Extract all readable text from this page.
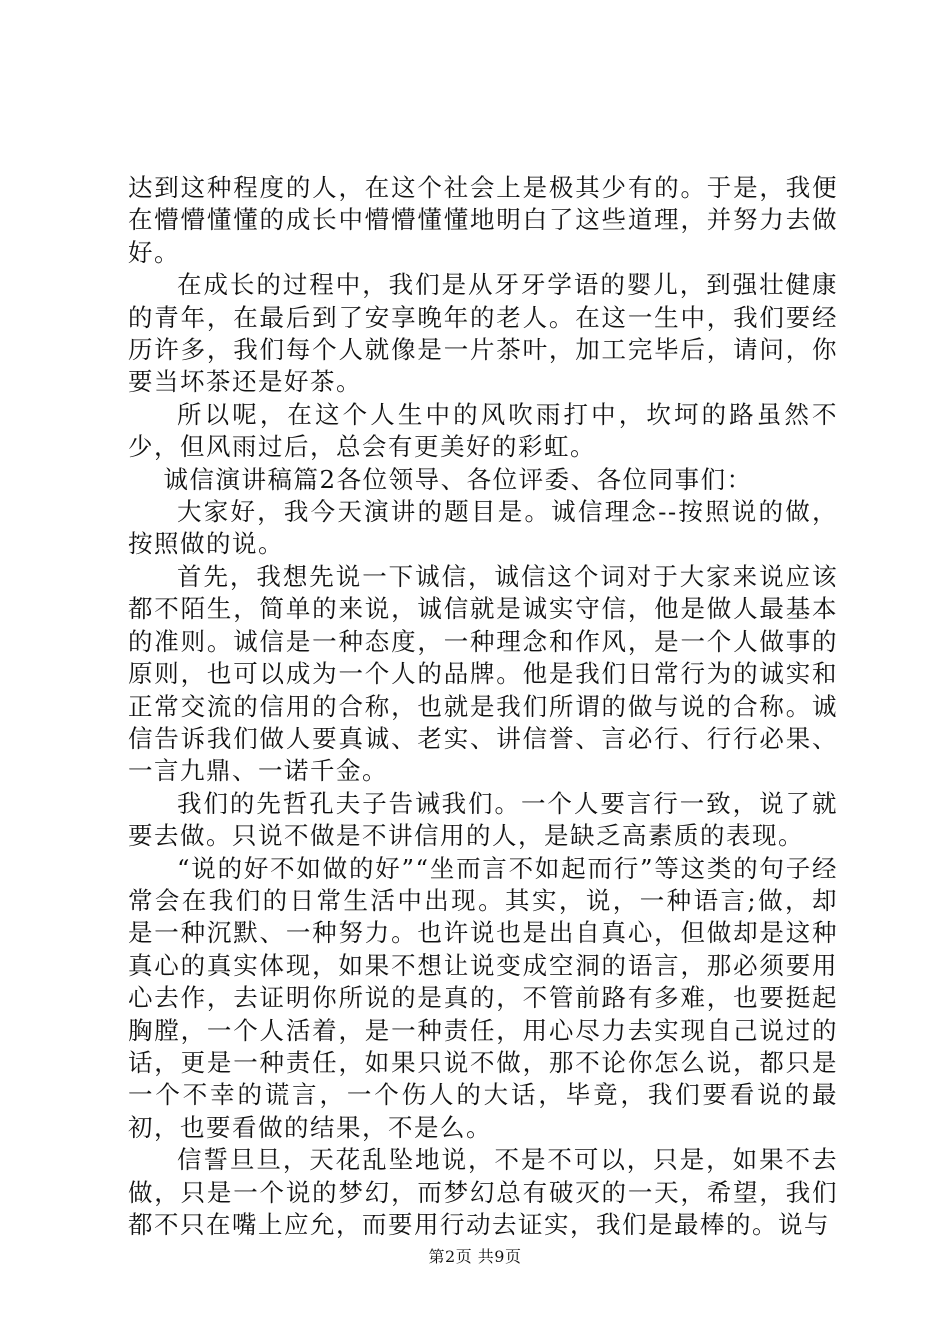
达到这种程度的人，在这个社会上是极其少有的。于是，我便在懵懵懂懂的成长中懵懵懂懂地明白了这些道理，并努力去做好。

在成长的过程中，我们是从牙牙学语的婴儿，到强壮健康的青年，在最后到了安享晚年的老人。在这一生中，我们要经历许多，我们每个人就像是一片茶叶，加工完毕后，请问，你要当坏茶还是好茶。

所以呢，在这个人生中的风吹雨打中，坎坷的路虽然不少，但风雨过后，总会有更美好的彩虹。

诚信演讲稿篇2各位领导、各位评委、各位同事们：

大家好，我今天演讲的题目是。诚信理念--按照说的做，按照做的说。

首先，我想先说一下诚信，诚信这个词对于大家来说应该都不陌生，简单的来说，诚信就是诚实守信，他是做人最基本的准则。诚信是一种态度，一种理念和作风，是一个人做事的原则，也可以成为一个人的品牌。他是我们日常行为的诚实和正常交流的信用的合称，也就是我们所谓的做与说的合称。诚信告诉我们做人要真诚、老实、讲信誉、言必行、行行必果、一言九鼎、一诺千金。

我们的先哲孔夫子告诫我们。一个人要言行一致，说了就要去做。只说不做是不讲信用的人，是缺乏高素质的表现。

“说的好不如做的好”“坐而言不如起而行”等这类的句子经常会在我们的日常生活中出现。其实，说，一种语言;做，却是一种沉默、一种努力。也许说也是出自真心，但做却是这种真心的真实体现，如果不想让说变成空洞的语言，那必须要用心去作，去证明你所说的是真的，不管前路有多难，也要挺起胸膛，一个人活着，是一种责任，用心尽力去实现自己说过的话，更是一种责任，如果只说不做，那不论你怎么说，都只是一个不幸的谎言，一个伤人的大话，毕竟，我们要看说的最初，也要看做的结果，不是么。

信誓旦旦，天花乱坠地说，不是不可以，只是，如果不去做，只是一个说的梦幻，而梦幻总有破灭的一天，希望，我们都不只在嘴上应允，而要用行动去证实，我们是最棒的。说与

第2页 共9页
